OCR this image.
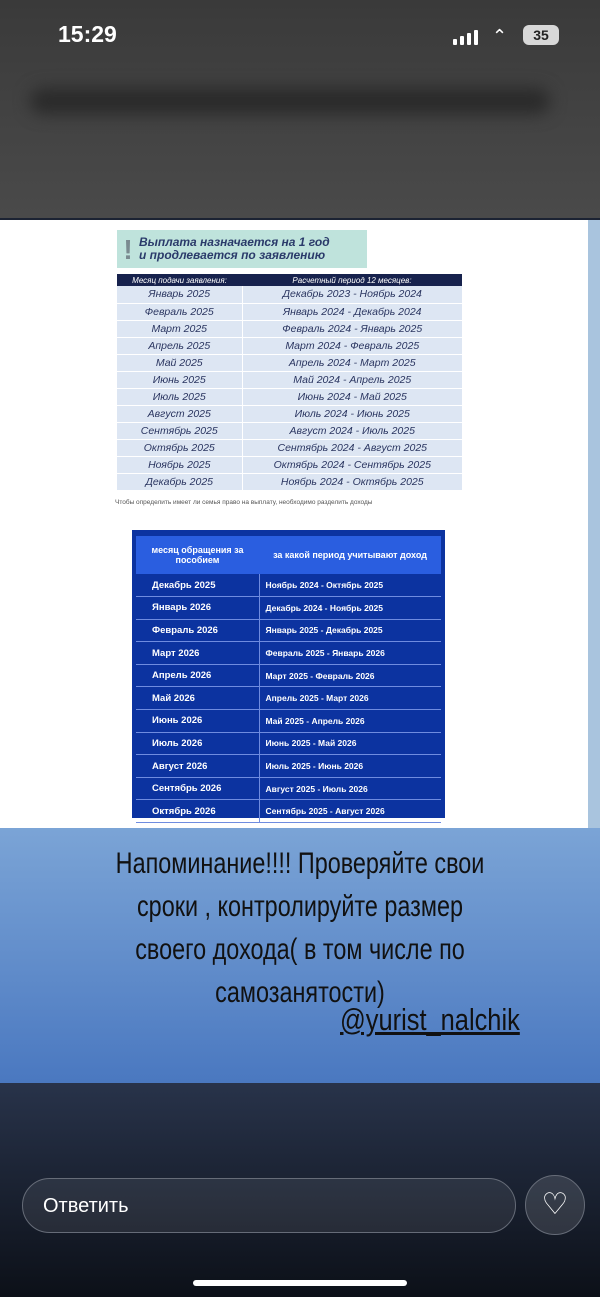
15:29	⌃	35
! Выплата назначается на 1 год
и продлевается по заявлению
Месяц подачи заявления:	Расчетный период 12 месяцев:
Январь 2025	Декабрь 2023 - Ноябрь 2024
Февраль 2025	Январь 2024 - Декабрь 2024
Март 2025	Февраль 2024 - Январь 2025
Апрель 2025	Март 2024 - Февраль 2025
Май 2025	Апрель 2024 - Март 2025
Июнь 2025	Май 2024 - Апрель 2025
Июль 2025	Июнь 2024 - Май 2025
Август 2025	Июль 2024 - Июнь 2025
Сентябрь 2025	Август 2024 - Июль 2025
Октябрь 2025	Сентябрь 2024 - Август 2025
Ноябрь 2025	Октябрь 2024 - Сентябрь 2025
Декабрь 2025	Ноябрь 2024 - Октябрь 2025
Чтобы определить имеет ли семья право на выплату, необходимо разделить доходы
месяц обращения за пособием	за какой период учитывают доход
Декабрь 2025	Ноябрь 2024 - Октябрь 2025
Январь 2026	Декабрь 2024 - Ноябрь 2025
Февраль 2026	Январь 2025 - Декабрь 2025
Март 2026	Февраль 2025 - Январь 2026
Апрель 2026	Март 2025 - Февраль 2026
Май 2026	Апрель 2025 - Март 2026
Июнь 2026	Май 2025 - Апрель 2026
Июль 2026	Июнь 2025 - Май 2026
Август 2026	Июль 2025 - Июнь 2026
Сентябрь 2026	Август 2025 - Июль 2026
Октябрь 2026	Сентябрь 2025 - Август 2026
Напоминание!!!! Проверяйте свои
сроки , контролируйте размер
своего дохода( в том числе по
самозанятости)
@yurist_nalchik
Ответить	♡
